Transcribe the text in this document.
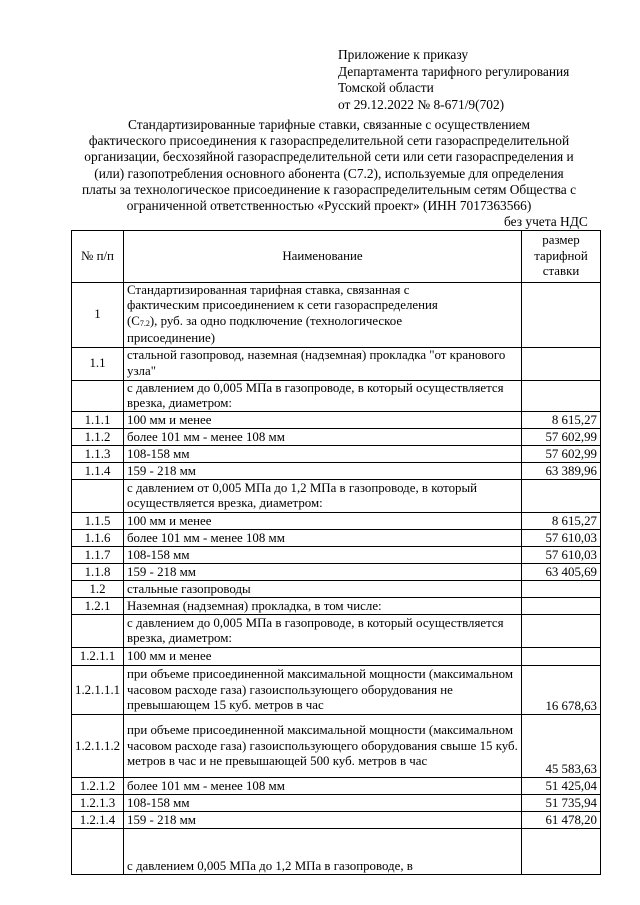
Приложение к приказу
Департамента тарифного регулирования
Томской области
от 29.12.2022 № 8-671/9(702)
Стандартизированные тарифные ставки, связанные с осуществлением
фактического присоединения к газораспределительной сети газораспределительной
организации, бесхозяйной газораспределительной сети или сети газораспределения и
(или) газопотребления основного абонента (С7.2), используемые для определения
платы за технологическое присоединение к газораспределительным сетям Общества с
ограниченной ответственностью «Русский проект» (ИНН 7017363566)
без учета НДС
№ п/п	Наименование	размер
тарифной
ставки

1	Стандартизированная тарифная ставка, связанная с
фактическим присоединением к сети газораспределения
(С7.2), руб. за одно подключение (технологическое
присоединение)	

1.1	стальной газопровод, наземная (надземная) прокладка "от кранового узла"	
	с давлением до 0,005 МПа в газопроводе, в который осуществляется врезка, диаметром:	
1.1.1	100 мм и менее	8 615,27
1.1.2	более 101 мм - менее 108 мм	57 602,99
1.1.3	108-158 мм	57 602,99
1.1.4	159 - 218 мм	63 389,96
	с давлением от 0,005 МПа до 1,2 МПа в газопроводе, в который осуществляется врезка, диаметром:	
1.1.5	100 мм и менее	8 615,27
1.1.6	более 101 мм - менее 108 мм	57 610,03
1.1.7	108-158 мм	57 610,03
1.1.8	159 - 218 мм	63 405,69
1.2	стальные газопроводы	
1.2.1	Наземная (надземная) прокладка, в том числе:	
	с давлением до 0,005 МПа в газопроводе, в который осуществляется врезка, диаметром:	
1.2.1.1	100 мм и менее	
1.2.1.1.1	при объеме присоединенной максимальной мощности (максимальном часовом расходе газа) газоиспользующего оборудования не превышающем 15 куб. метров в час	16 678,63
1.2.1.1.2	при объеме присоединенной максимальной мощности (максимальном часовом расходе газа) газоиспользующего оборудования свыше 15 куб. метров в час и не превышающей 500 куб. метров в час	45 583,63
1.2.1.2	более 101 мм - менее 108 мм	51 425,04
1.2.1.3	108-158 мм	51 735,94
1.2.1.4	159 - 218 мм	61 478,20
	с давлением 0,005 МПа до 1,2 МПа в газопроводе, в	
